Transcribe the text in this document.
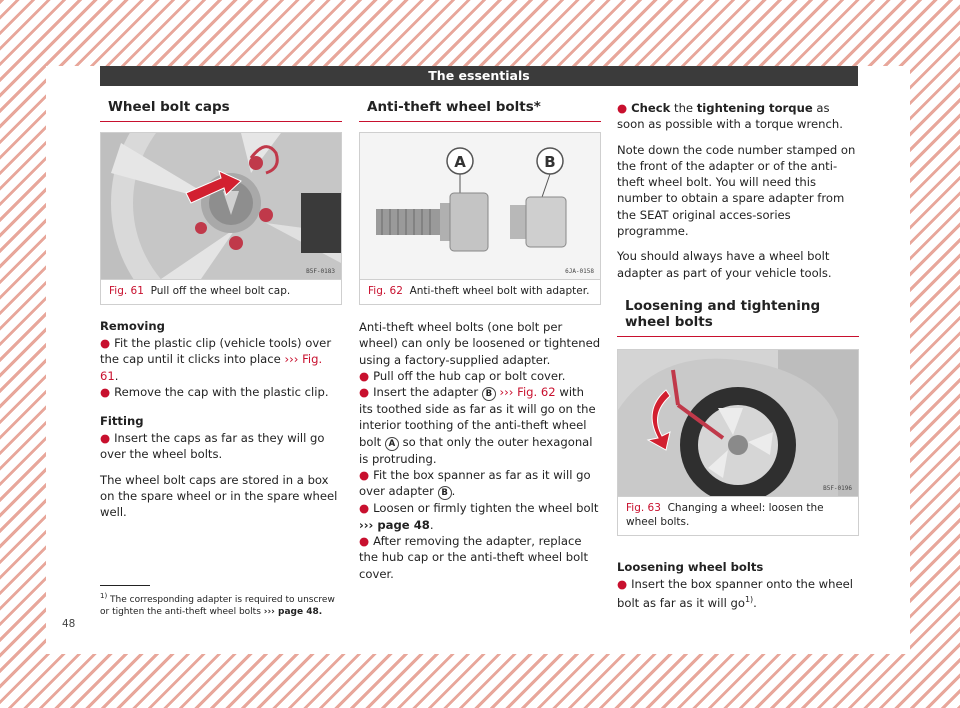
The essentials
Wheel bolt caps
B5F-0183
Fig. 61 Pull off the wheel bolt cap.
Removing

● Fit the plastic clip (vehicle tools) over the cap until it clicks into place ››› Fig. 61.

● Remove the cap with the plastic clip.

Fitting

● Insert the caps as far as they will go over the wheel bolts.

The wheel bolt caps are stored in a box on the spare wheel or in the spare wheel well.

Anti-theft wheel bolts*
A	B
6JA-0158
Fig. 62 Anti-theft wheel bolt with adapter.

Anti-theft wheel bolts (one bolt per wheel) can only be loosened or tightened using a factory-supplied adapter.

● Pull off the hub cap or bolt cover.

● Insert the adapter B ››› Fig. 62 with its toothed side as far as it will go on the interior toothing of the anti-theft wheel bolt A so that only the outer hexagonal is protruding.

● Fit the box spanner as far as it will go over adapter B .

● Loosen or firmly tighten the wheel bolt ››› page 48.

● After removing the adapter, replace the hub cap or the anti-theft wheel bolt cover.

● Check the tightening torque as soon as possible with a torque wrench.

Note down the code number stamped on the front of the adapter or of the anti-theft wheel bolt. You will need this number to obtain a spare adapter from the SEAT original acces-sories programme.

You should always have a wheel bolt adapter as part of your vehicle tools.

Loosening and tightening wheel bolts
B5F-0196
Fig. 63 Changing a wheel: loosen the wheel bolts.
Loosening wheel bolts

● Insert the box spanner onto the wheel bolt as far as it will $go^{1)}$.

$^{1)}$ The corresponding adapter is required to unscrew or tighten the anti-theft wheel bolts ››› page 48.
48
